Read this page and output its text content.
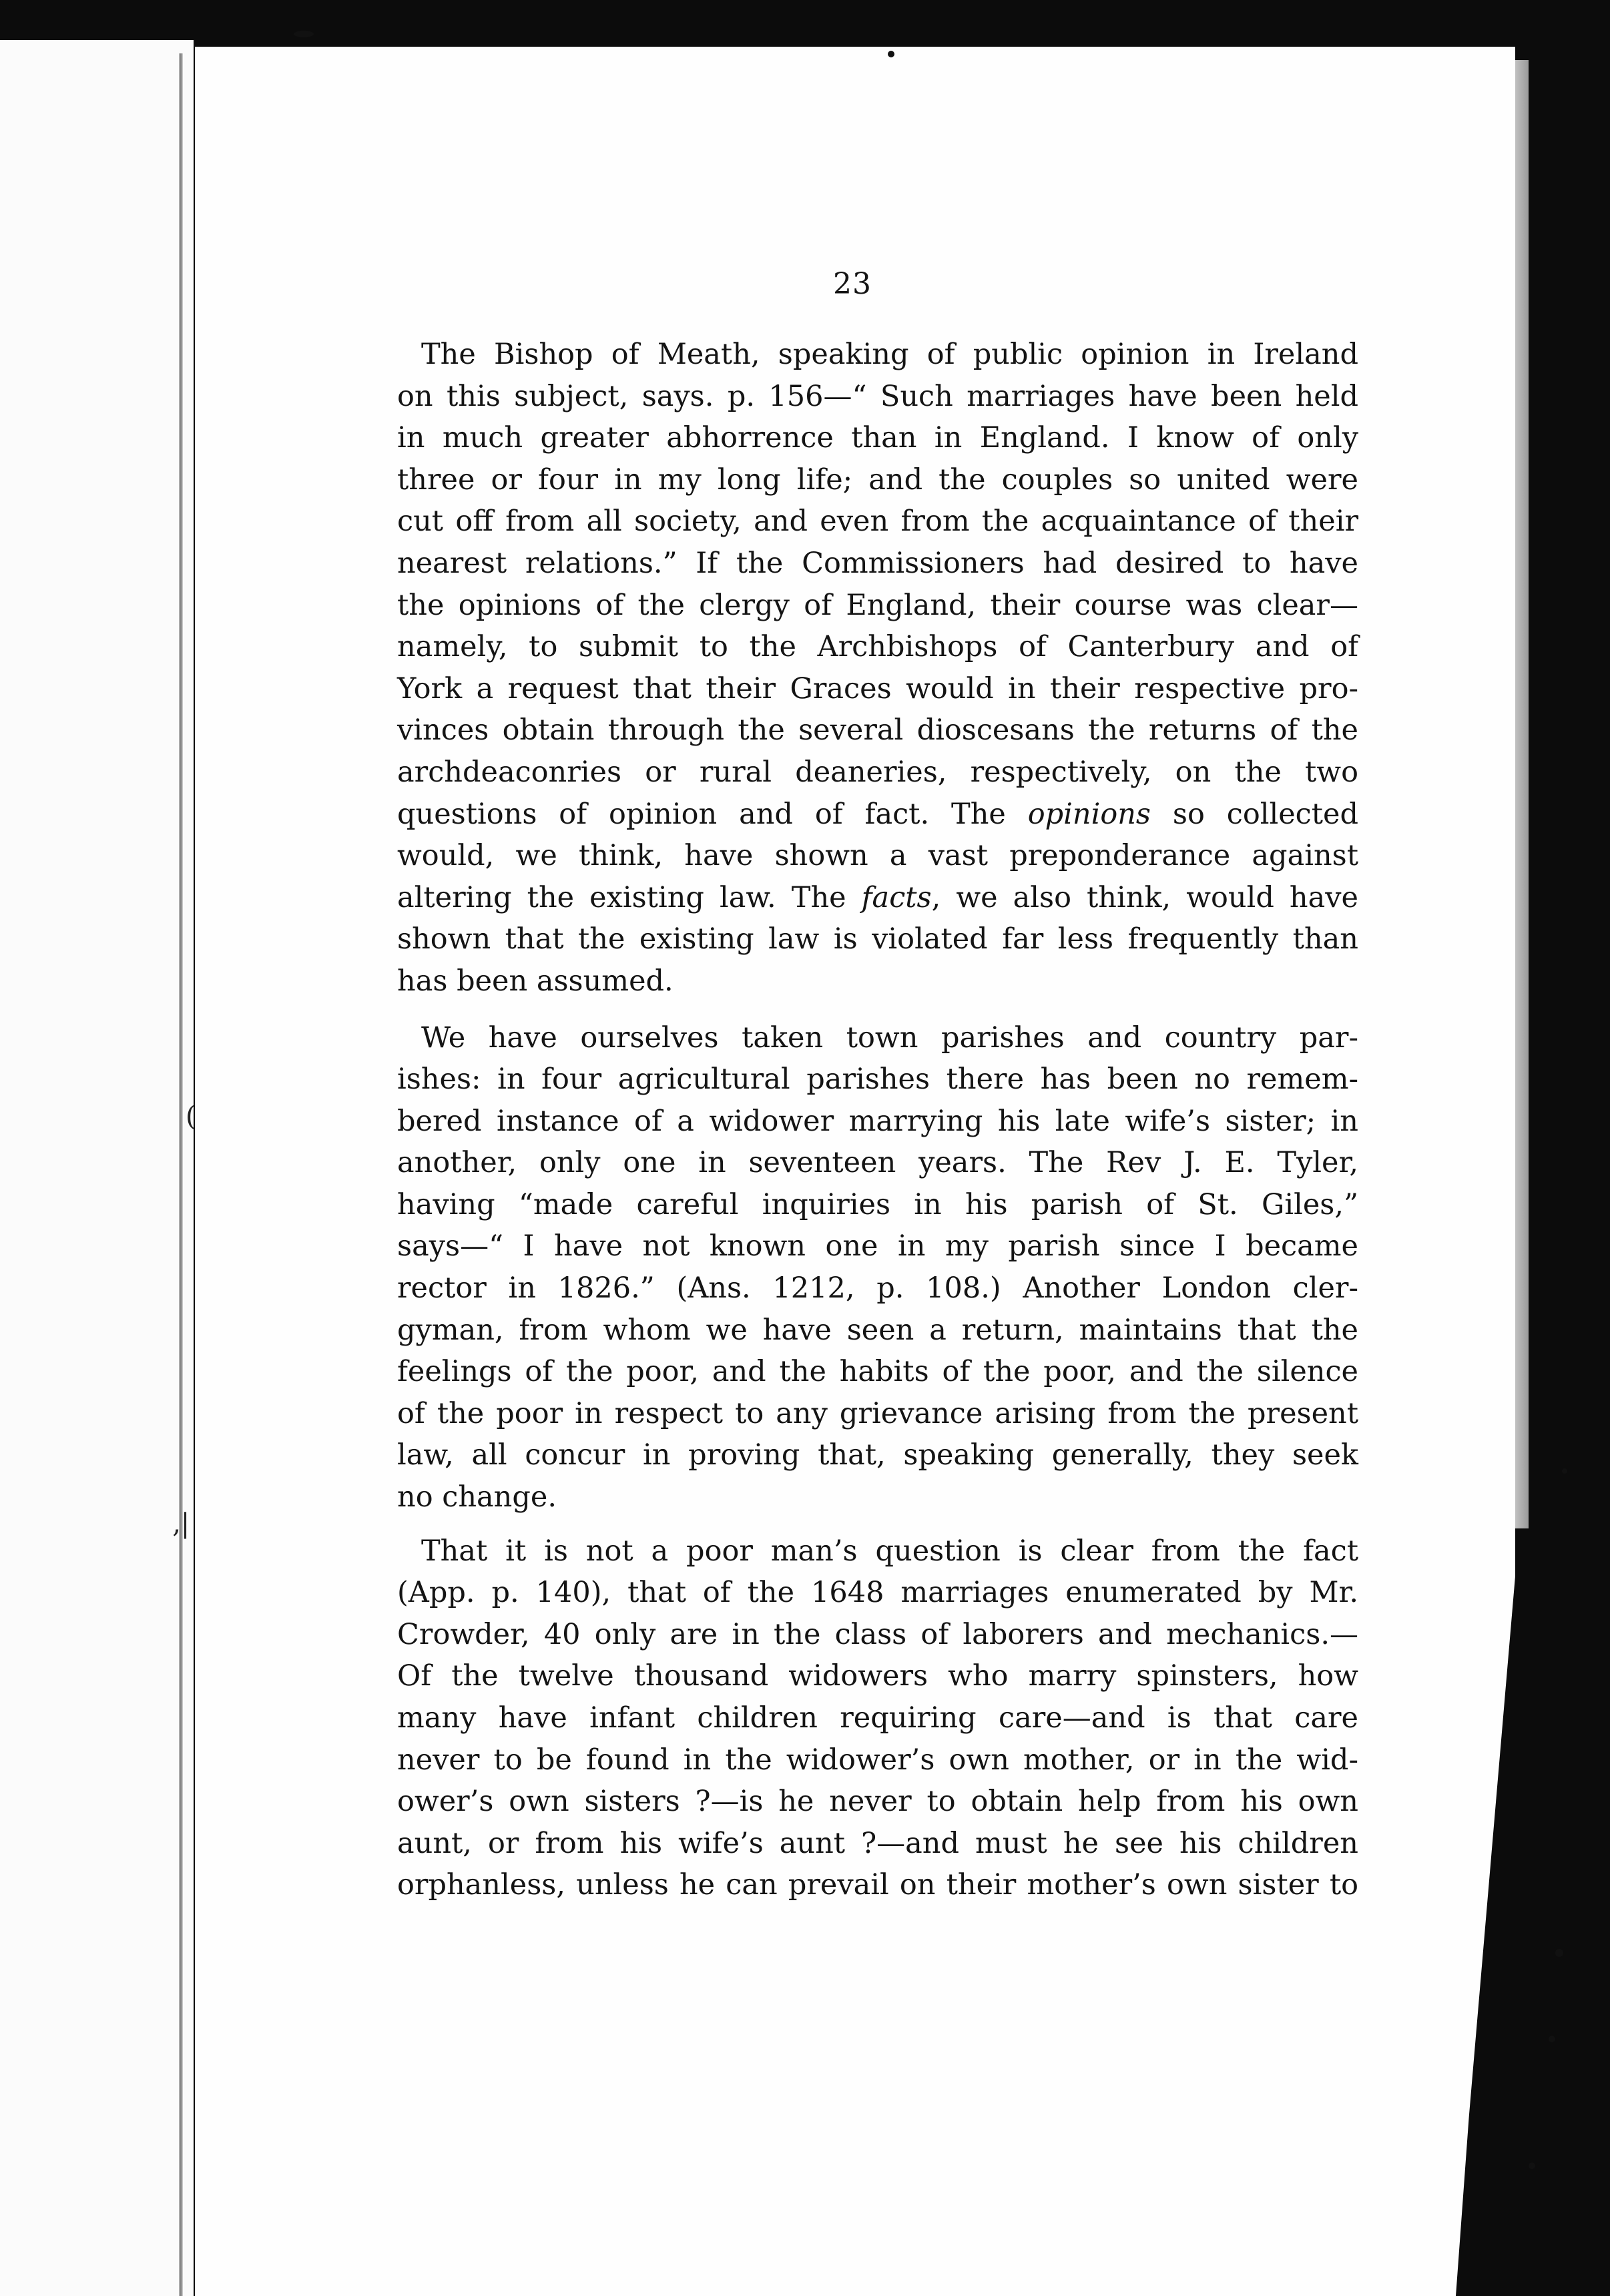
(
‚|
23
The Bishop of Meath, speaking of public opinion in Ireland
on this subject, says. p. 156—“ Such marriages have been held
in much greater abhorrence than in England. I know of only
three or four in my long life; and the couples so united were
cut off from all society, and even from the acquaintance of their
nearest relations.” If the Commissioners had desired to have
the opinions of the clergy of England, their course was clear—
namely, to submit to the Archbishops of Canterbury and of
York a request that their Graces would in their respective pro-
vinces obtain through the several dioscesans the returns of the
archdeaconries or rural deaneries, respectively, on the two
questions of opinion and of fact. The opinions so collected
would, we think, have shown a vast preponderance against
altering the existing law. The facts, we also think, would have
shown that the existing law is violated far less frequently than
has been assumed.
We have ourselves taken town parishes and country par-
ishes: in four agricultural parishes there has been no remem-
bered instance of a widower marrying his late wife’s sister; in
another, only one in seventeen years. The Rev J. E. Tyler,
having “made careful inquiries in his parish of St. Giles,”
says—“ I have not known one in my parish since I became
rector in 1826.” (Ans. 1212, p. 108.) Another London cler-
gyman, from whom we have seen a return, maintains that the
feelings of the poor, and the habits of the poor, and the silence
of the poor in respect to any grievance arising from the present
law, all concur in proving that, speaking generally, they seek
no change.
That it is not a poor man’s question is clear from the fact
(App. p. 140), that of the 1648 marriages enumerated by Mr.
Crowder, 40 only are in the class of laborers and mechanics.—
Of the twelve thousand widowers who marry spinsters, how
many have infant children requiring care—and is that care
never to be found in the widower’s own mother, or in the wid-
ower’s own sisters ?—is he never to obtain help from his own
aunt, or from his wife’s aunt ?—and must he see his children
orphanless, unless he can prevail on their mother’s own sister to
